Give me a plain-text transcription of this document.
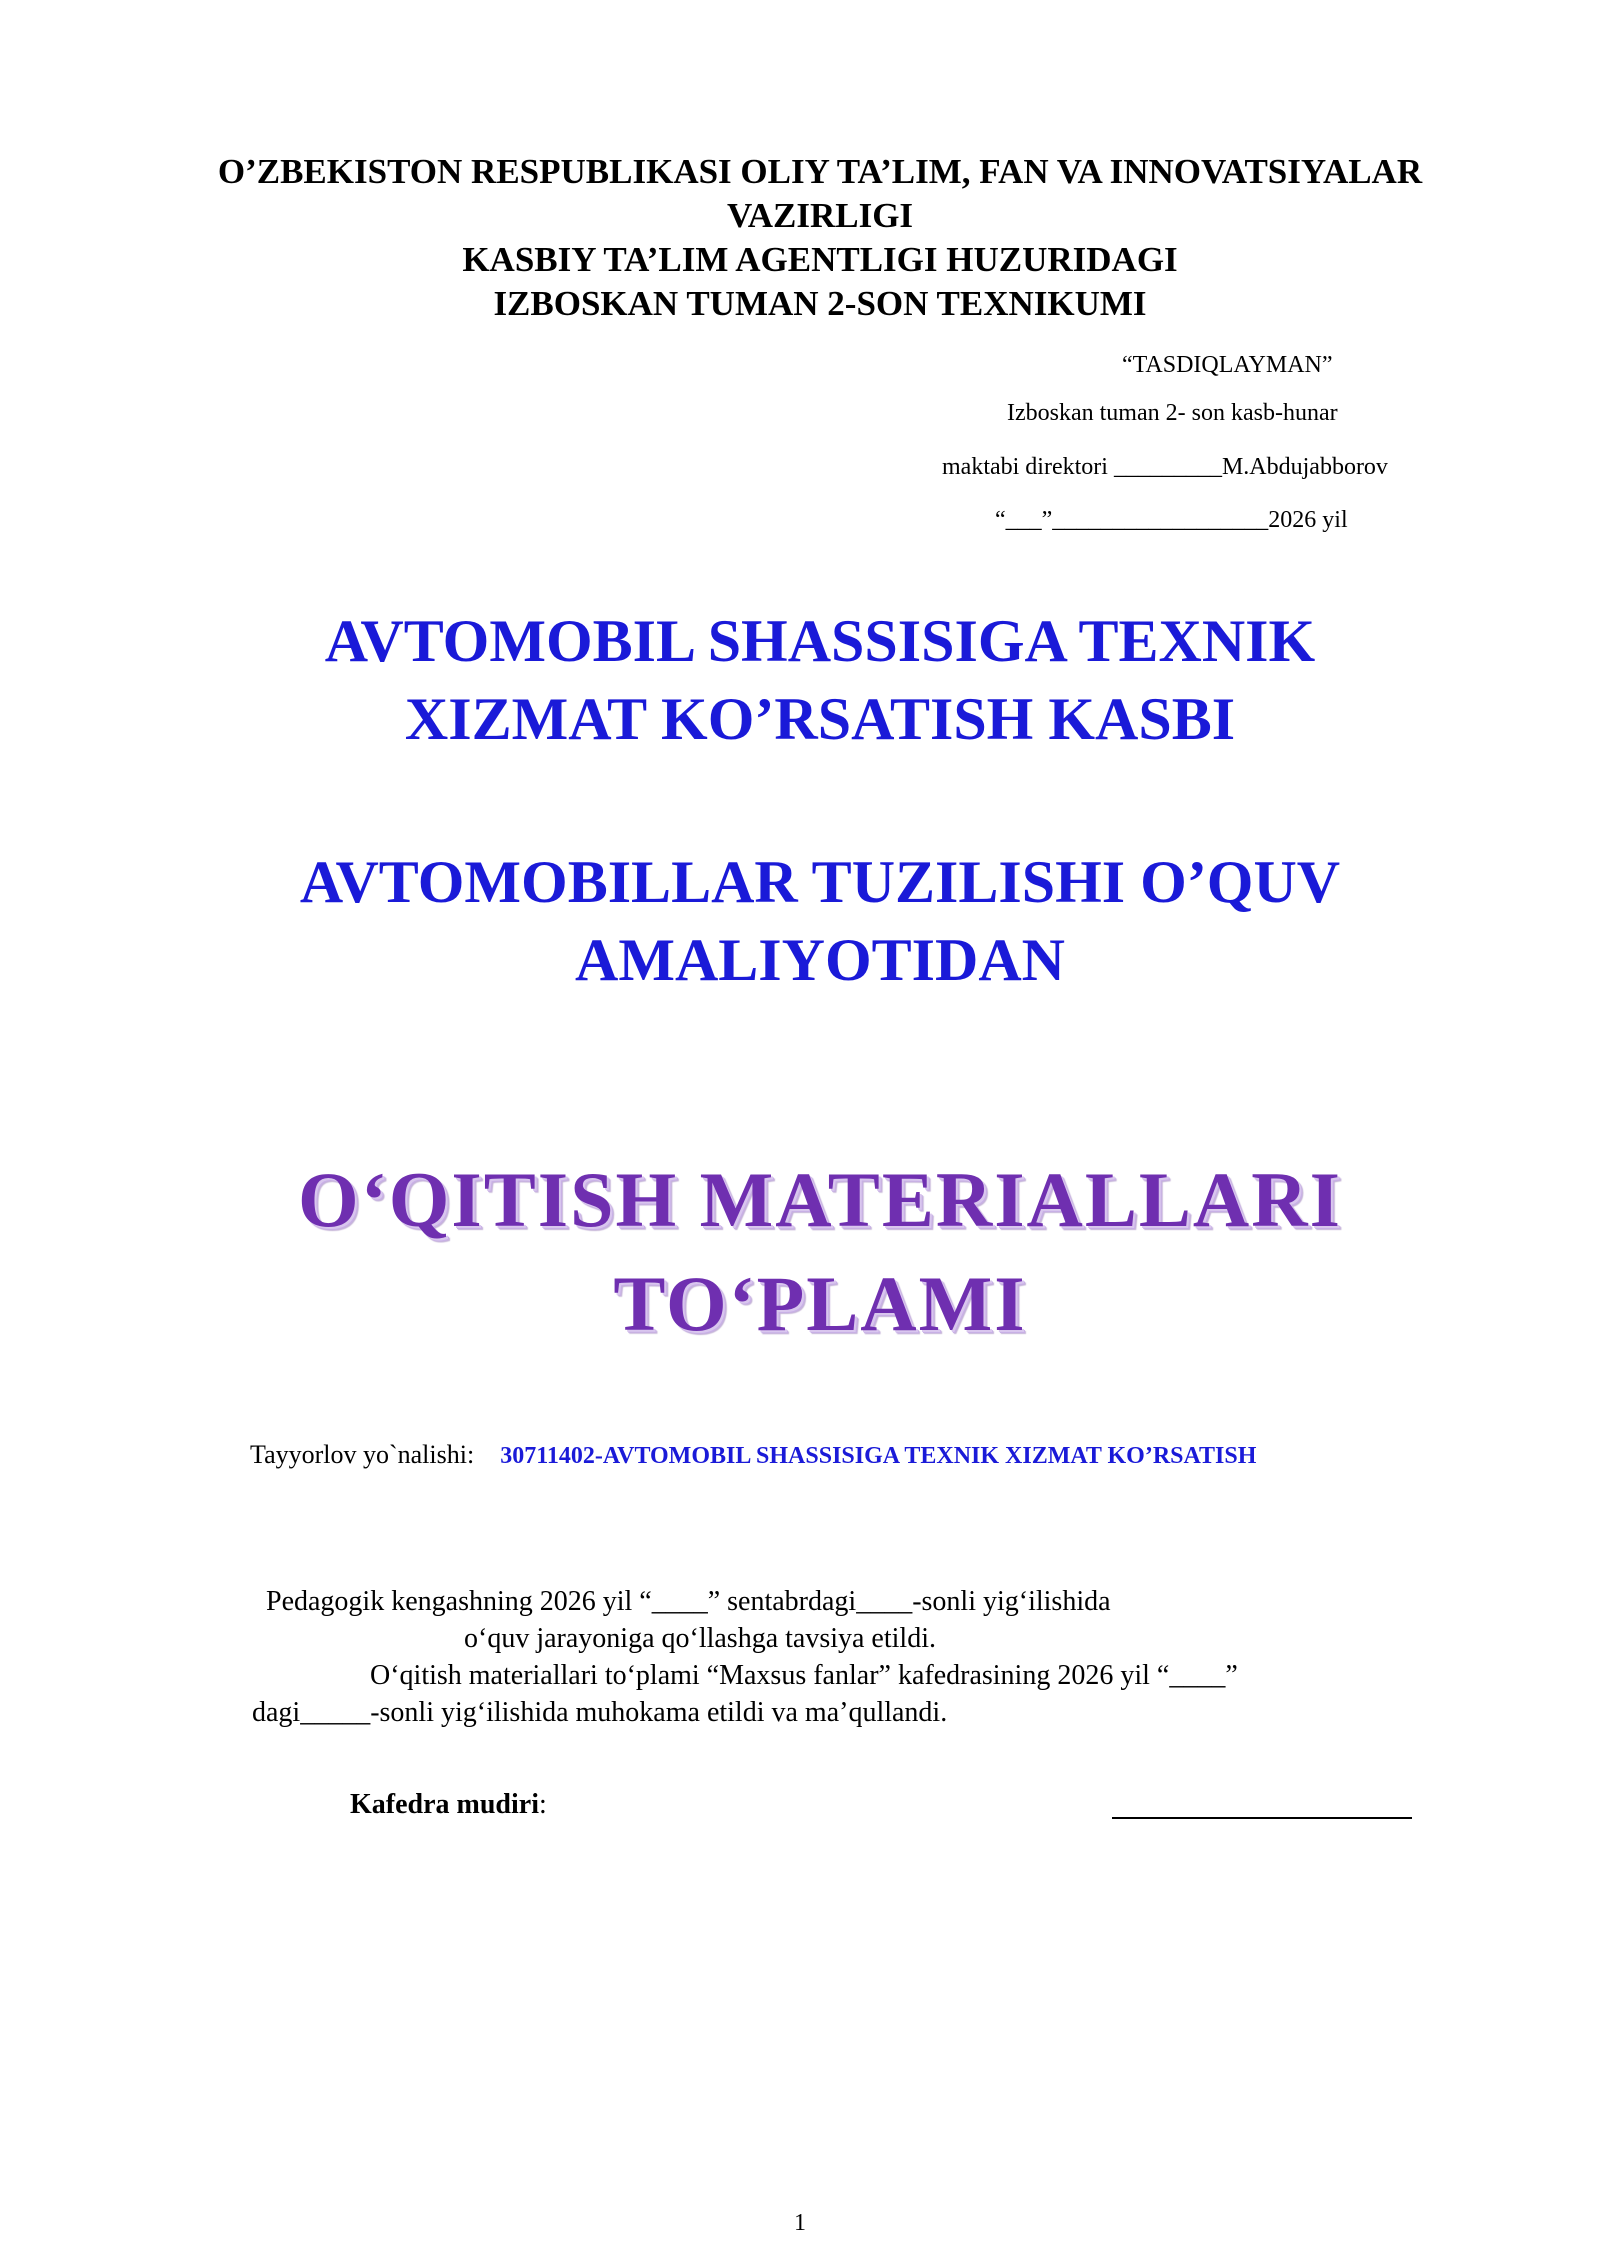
O’ZBEKISTON RESPUBLIKASI OLIY TA’LIM, FAN VA INNOVATSIYALAR
VAZIRLIGI
KASBIY TA’LIM AGENTLIGI HUZURIDAGI
IZBOSKAN TUMAN 2-SON TEXNIKUMI
“TASDIQLAYMAN”
Izboskan tuman 2- son kasb-hunar
maktabi direktori _________M.Abdujabborov
“___”__________________2026 yil
AVTOMOBIL SHASSISIGA TEXNIK
XIZMAT KO’RSATISH KASBI
AVTOMOBILLAR TUZILISHI O’QUV
AMALIYOTIDAN
O‘QITISH MATERIALLARI
TO‘PLAMI
Tayyorlov yo`nalishi: 30711402-AVTOMOBIL SHASSISIGA TEXNIK XIZMAT KO’RSATISH
Pedagogik kengashning 2026 yil “____” sentabrdagi____-sonli yig‘ilishida
o‘quv jarayoniga qo‘llashga tavsiya etildi.
O‘qitish materiallari to‘plami “Maxsus fanlar” kafedrasining 2026 yil “____”
dagi_____-sonli yig‘ilishida muhokama etildi va ma’qullandi.
Kafedra mudiri:
1
